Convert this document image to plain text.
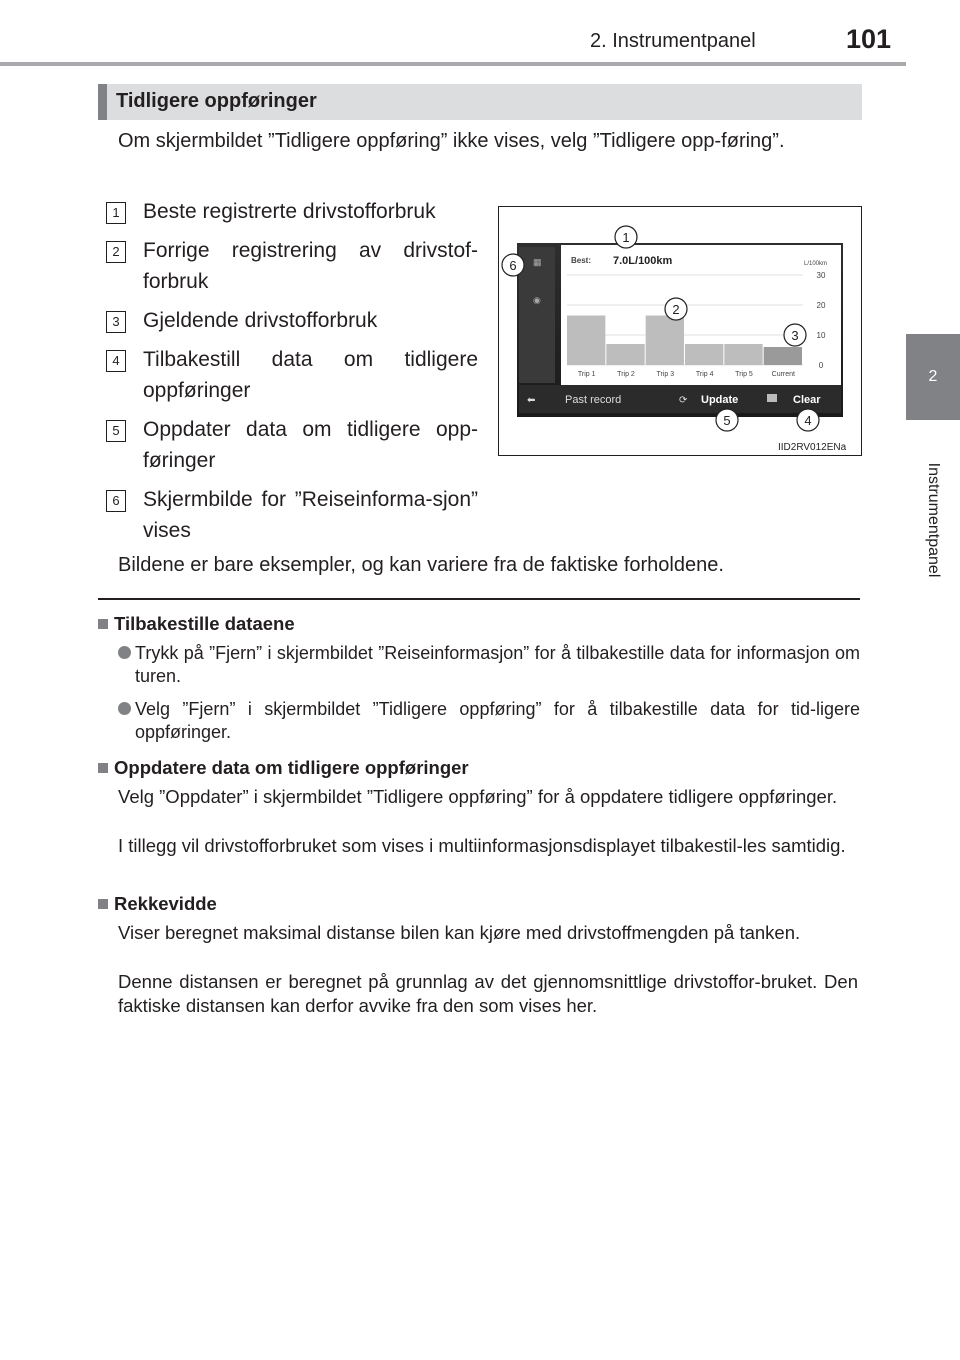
2. Instrumentpanel	101
2
Instrumentpanel
Tidligere oppføringer
Om skjermbildet ”Tidligere oppføring” ikke vises, velg ”Tidligere opp-føring”.
1	Beste registrerte drivstofforbruk
2	Forrige registrering av drivstof-forbruk
3	Gjeldende drivstofforbruk
4	Tilbakestill data om tidligere oppføringer
5	Oppdater data om tidligere opp-føringer
6	Skjermbilde for ”Reiseinforma-sjon” vises
▦
◉
Best: 7.0L/100km	L/100km
30
20
10
0
Trip 1	Trip 2	Trip 3	Trip 4	Trip 5	Current
⬅	Past record	⟳ Update	Clear
1
2
3
4
5
6
IID2RV012ENa
Bildene er bare eksempler, og kan variere fra de faktiske forholdene.
Tilbakestille dataene
Trykk på ”Fjern” i skjermbildet ”Reiseinformasjon” for å tilbakestille data for informasjon om turen.
Velg ”Fjern” i skjermbildet ”Tidligere oppføring” for å tilbakestille data for tid-ligere oppføringer.
Oppdatere data om tidligere oppføringer
Velg ”Oppdater” i skjermbildet ”Tidligere oppføring” for å oppdatere tidligere oppføringer.
I tillegg vil drivstofforbruket som vises i multiinformasjonsdisplayet tilbakestil-les samtidig.
Rekkevidde
Viser beregnet maksimal distanse bilen kan kjøre med drivstoffmengden på tanken.
Denne distansen er beregnet på grunnlag av det gjennomsnittlige drivstoffor-bruket. Den faktiske distansen kan derfor avvike fra den som vises her.
